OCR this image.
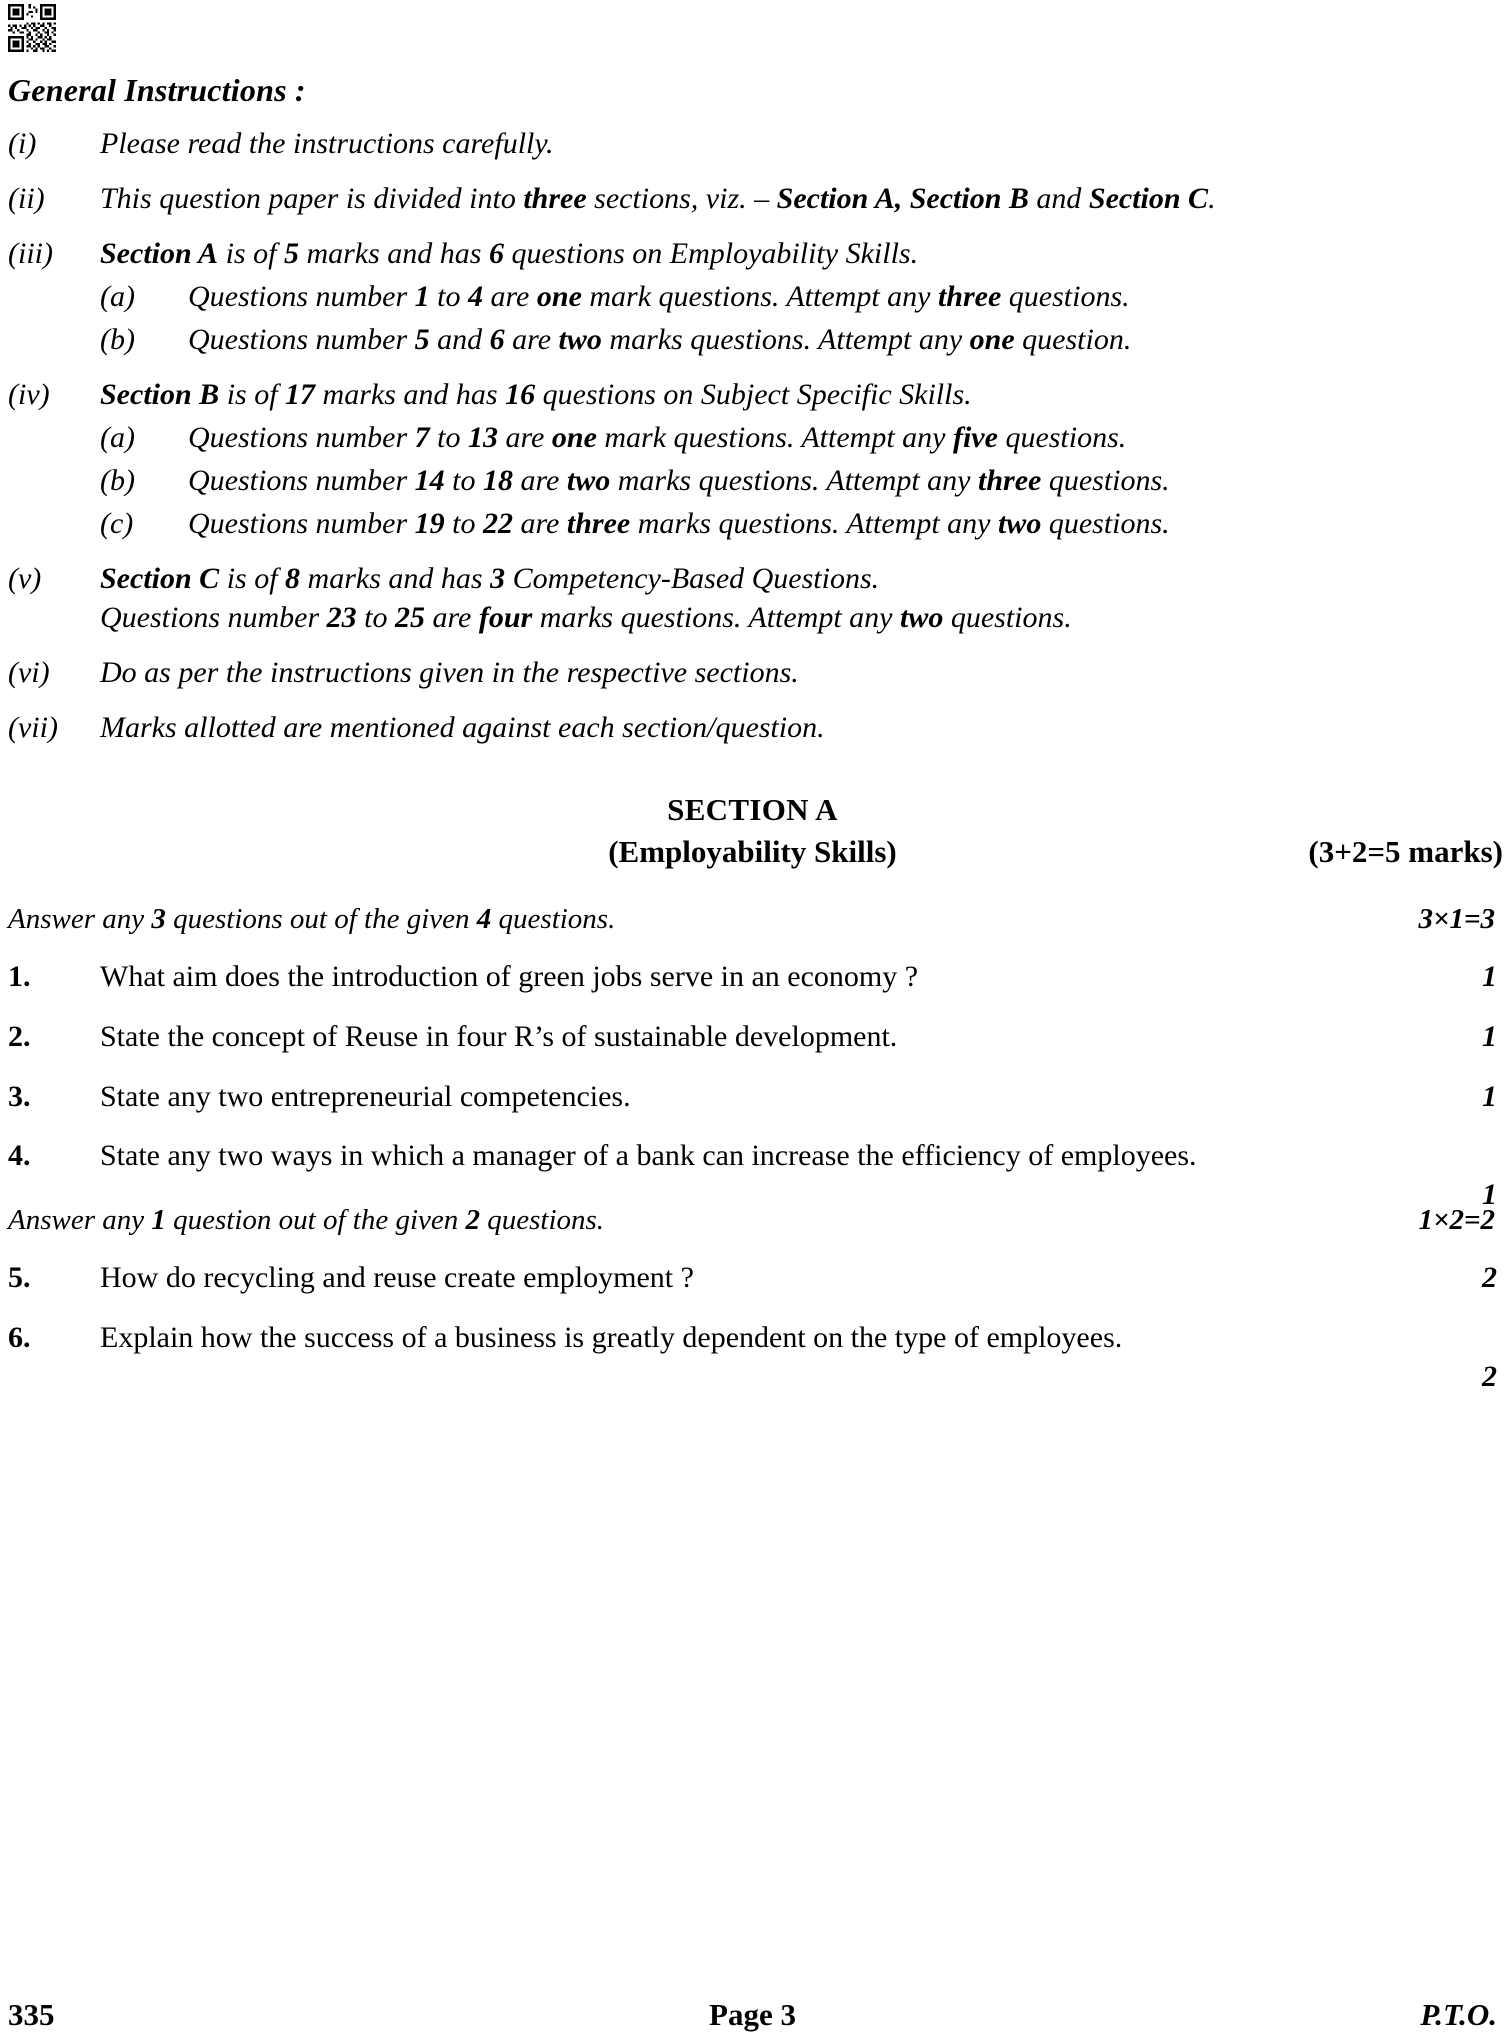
General Instructions :
(i)	Please read the instructions carefully.
(ii)	This question paper is divided into three sections, viz. – Section A, Section B and Section C.
(iii)	Section A is of 5 marks and has 6 questions on Employability Skills.
(a)	Questions number 1 to 4 are one mark questions. Attempt any three questions.
(b)	Questions number 5 and 6 are two marks questions. Attempt any one question.
(iv)	Section B is of 17 marks and has 16 questions on Subject Specific Skills.
(a)	Questions number 7 to 13 are one mark questions. Attempt any five questions.
(b)	Questions number 14 to 18 are two marks questions. Attempt any three questions.
(c)	Questions number 19 to 22 are three marks questions. Attempt any two questions.
(v)	Section C is of 8 marks and has 3 Competency-Based Questions.
Questions number 23 to 25 are four marks questions. Attempt any two questions.
(vi)	Do as per the instructions given in the respective sections.
(vii)	Marks allotted are mentioned against each section/question.
SECTION A
(Employability Skills)	(3+2=5 marks)
Answer any 3 questions out of the given 4 questions.	3×1=3
1.	What aim does the introduction of green jobs serve in an economy ?	1
2.	State the concept of Reuse in four R’s of sustainable development.	1
3.	State any two entrepreneurial competencies.	1
4.	State any two ways in which a manager of a bank can increase the efficiency of employees.
1
Answer any 1 question out of the given 2 questions.	1×2=2
5.	How do recycling and reuse create employment ?	2
6.	Explain how the success of a business is greatly dependent on the type of employees.
2
335	Page 3	P.T.O.
